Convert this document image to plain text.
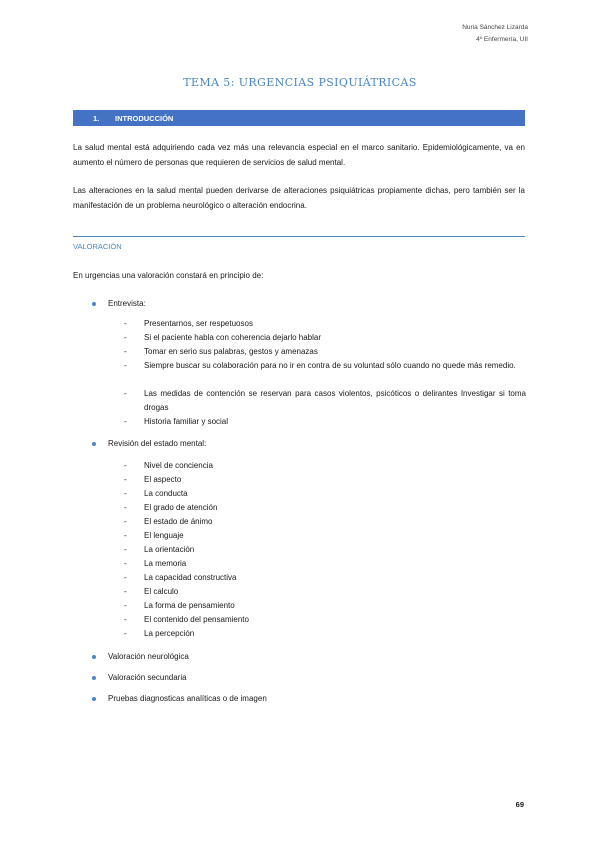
Nuria Sánchez Lizarda
4º Enfermería, UII
TEMA 5: URGENCIAS PSIQUIÁTRICAS
1.	INTRODUCCIÓN
La salud mental está adquiriendo cada vez más una relevancia especial en el marco sanitario. Epidemiológicamente, va en aumento el número de personas que requieren de servicios de salud mental.
Las alteraciones en la salud mental pueden derivarse de alteraciones psiquiátricas propiamente dichas, pero también ser la manifestación de un problema neurológico o alteración endocrina.
VALORACIÓN
En urgencias una valoración constará en principio de:
Entrevista:
-	Presentarnos, ser respetuosos
-	Si el paciente habla con coherencia dejarlo hablar
-	Tomar en serio sus palabras, gestos y amenazas
-	Siempre buscar su colaboración para no ir en contra de su voluntad sólo cuando no quede más remedio.
-	Las medidas de contención se reservan para casos violentos, psicóticos o delirantes Investigar si toma drogas
-	Historia familiar y social
Revisión del estado mental:
-	Nivel de conciencia
-	El aspecto
-	La conducta
-	El grado de atención
-	El estado de ánimo
-	El lenguaje
-	La orientación
-	La memoria
-	La capacidad constructiva
-	El calculo
-	La forma de pensamiento
-	El contenido del pensamiento
-	La percepción
Valoración neurológica
Valoración secundaria
Pruebas diagnosticas analíticas o de imagen
69
